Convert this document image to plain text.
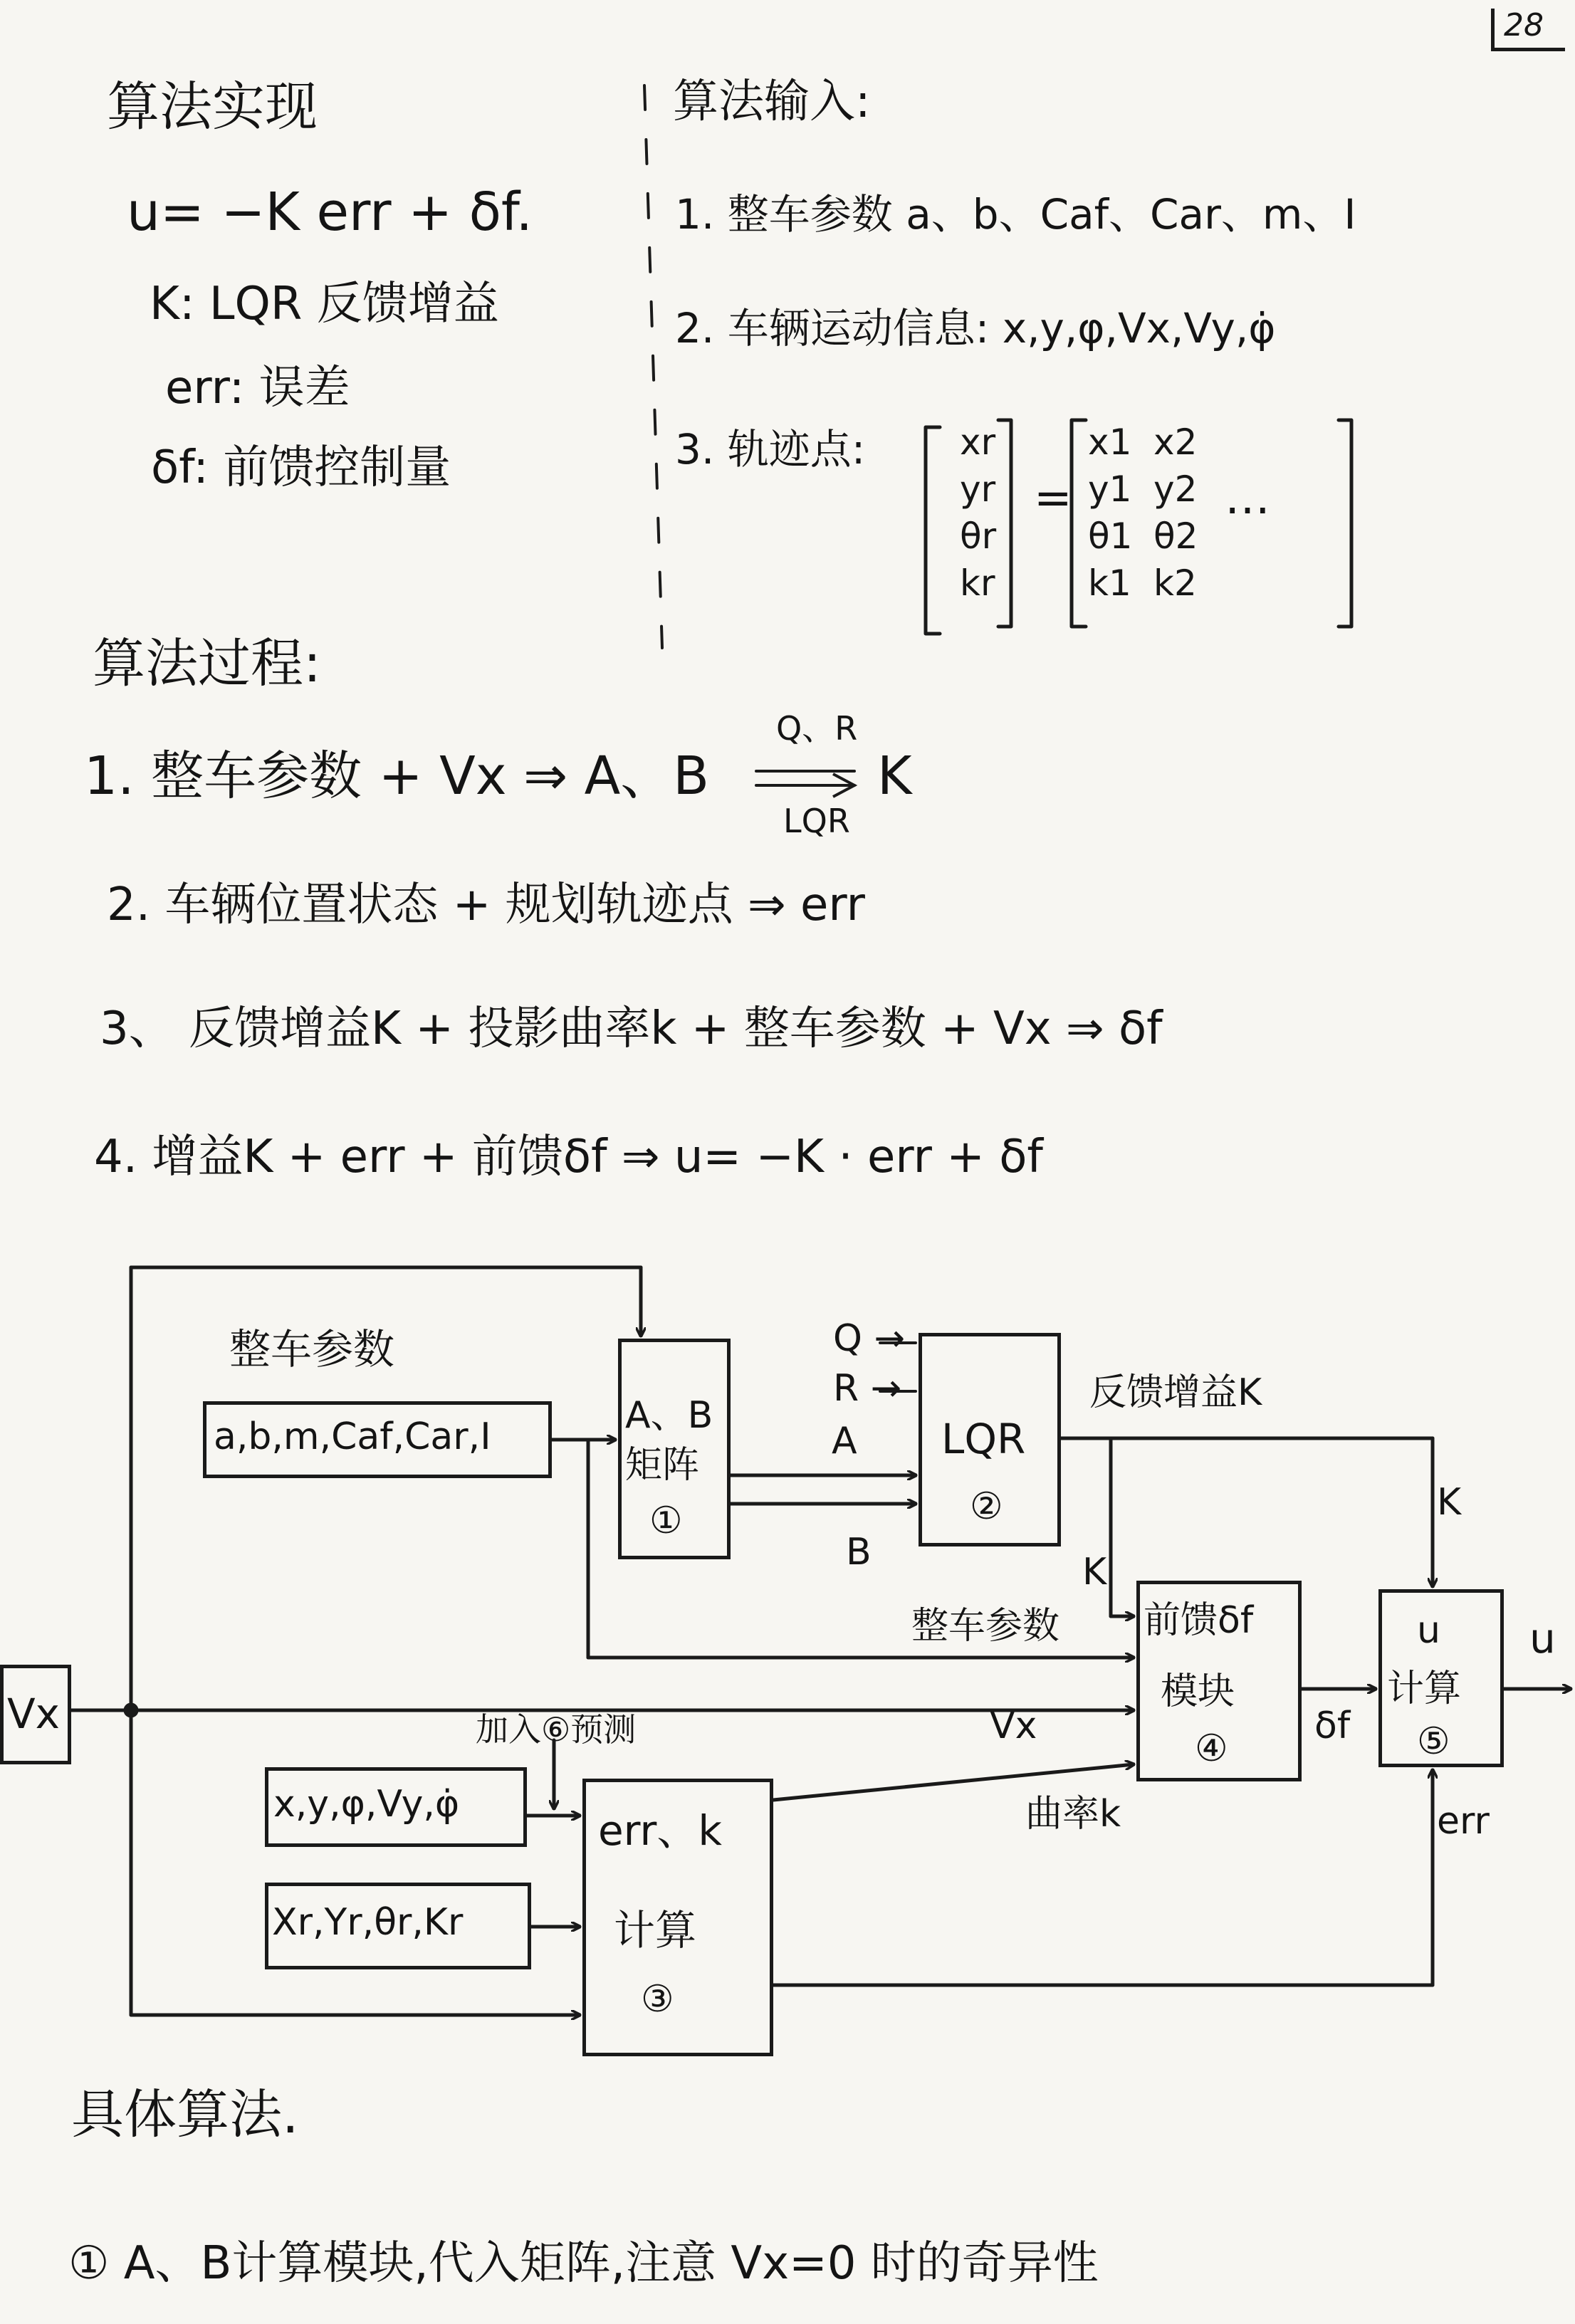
28
算法实现
u= −K err + δf.
K: LQR 反馈增益
err: 误差
δf: 前馈控制量
算法输入:
1. 整车参数 a、b、Caf、Car、m、I
2. 车辆运动信息: x,y,φ,Vx,Vy,φ̇
3. 轨迹点:	xr
yr
θr
kr
=
x1
y1
θ1
k1
x2
y2
θ2
k2
…
算法过程:
1. 整车参数 + Vx ⇒ A、B
Q、R
LQR
K
2. 车辆位置状态 + 规划轨迹点 ⇒ err
3、 反馈增益K + 投影曲率k + 整车参数 + Vx ⇒ δf
4. 增益K + err + 前馈δf ⇒ u= −K · err + δf
Vx
整车参数
a,b,m,Caf,Car,I	A、B
矩阵
①
LQR
②
err、k
计算
③
前馈δf
模块
④
u
计算
⑤
x,y,φ,Vy,φ̇
Xr,Yr,θr,Kr
Q →
R →
A
B
反馈增益K
K
K
整车参数
Vx
曲率k
δf
err
u
加入⑥预测
具体算法.
① A、B计算模块,代入矩阵,注意 Vx=0 时的奇异性
